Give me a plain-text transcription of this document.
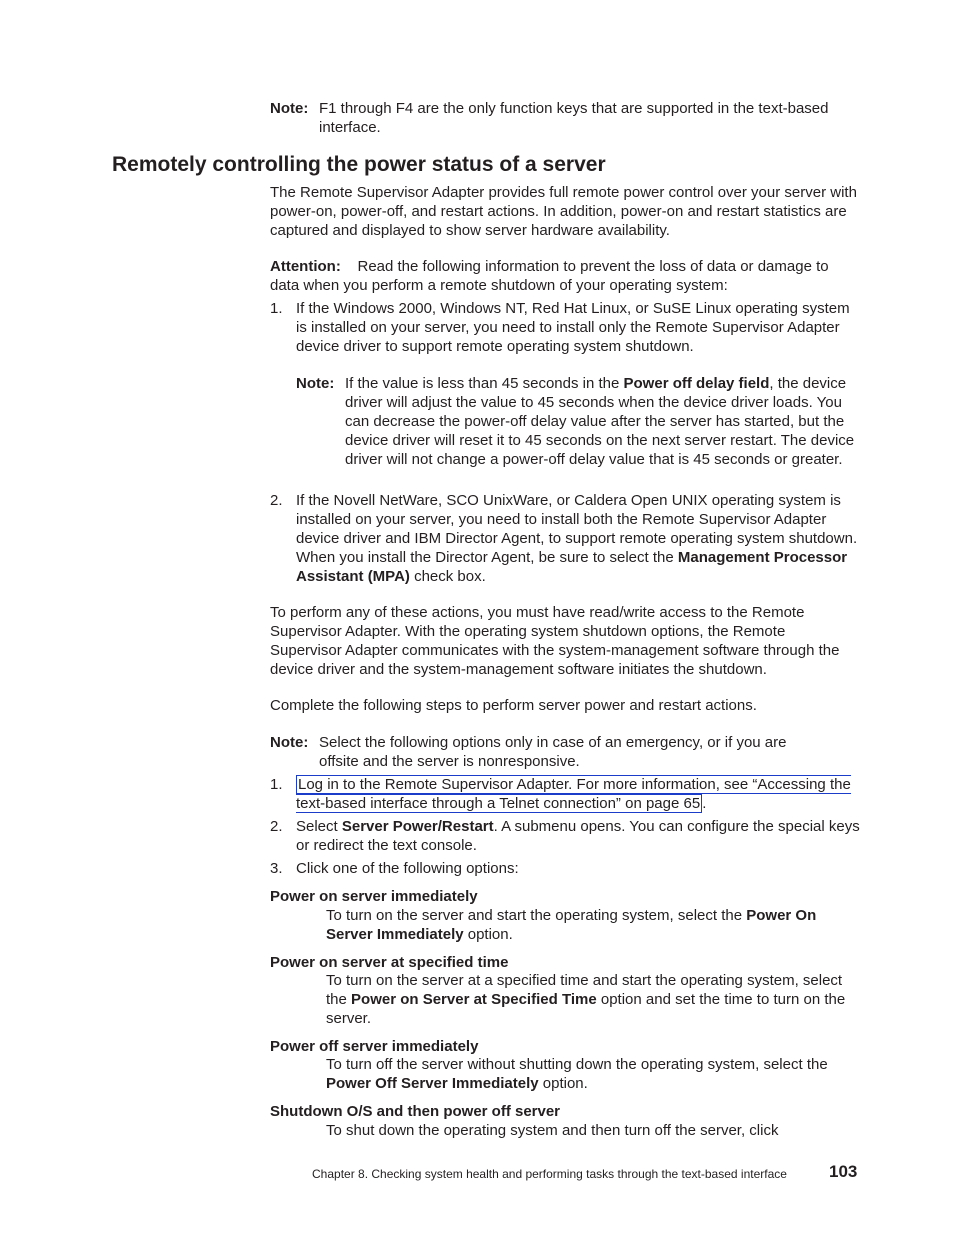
Note: F1 through F4 are the only function keys that are supported in the text-based interface.
Remotely controlling the power status of a server
The Remote Supervisor Adapter provides full remote power control over your server with power-on, power-off, and restart actions. In addition, power-on and restart statistics are captured and displayed to show server hardware availability.
Attention: Read the following information to prevent the loss of data or damage to data when you perform a remote shutdown of your operating system:
1. If the Windows 2000, Windows NT, Red Hat Linux, or SuSE Linux operating system is installed on your server, you need to install only the Remote Supervisor Adapter device driver to support remote operating system shutdown.
Note: If the value is less than 45 seconds in the Power off delay field, the device driver will adjust the value to 45 seconds when the device driver loads. You can decrease the power-off delay value after the server has started, but the device driver will reset it to 45 seconds on the next server restart. The device driver will not change a power-off delay value that is 45 seconds or greater.
2. If the Novell NetWare, SCO UnixWare, or Caldera Open UNIX operating system is installed on your server, you need to install both the Remote Supervisor Adapter device driver and IBM Director Agent, to support remote operating system shutdown. When you install the Director Agent, be sure to select the Management Processor Assistant (MPA) check box.
To perform any of these actions, you must have read/write access to the Remote Supervisor Adapter. With the operating system shutdown options, the Remote Supervisor Adapter communicates with the system-management software through the device driver and the system-management software initiates the shutdown.
Complete the following steps to perform server power and restart actions.
Note: Select the following options only in case of an emergency, or if you are offsite and the server is nonresponsive.
1. Log in to the Remote Supervisor Adapter. For more information, see “Accessing the text-based interface through a Telnet connection” on page 65 .
2. Select Server Power/Restart. A submenu opens. You can configure the special keys or redirect the text console.
3. Click one of the following options:
Power on server immediately
To turn on the server and start the operating system, select the Power On Server Immediately option.
Power on server at specified time
To turn on the server at a specified time and start the operating system, select the Power on Server at Specified Time option and set the time to turn on the server.
Power off server immediately
To turn off the server without shutting down the operating system, select the Power Off Server Immediately option.
Shutdown O/S and then power off server
To shut down the operating system and then turn off the server, click
Chapter 8. Checking system health and performing tasks through the text-based interface 103
